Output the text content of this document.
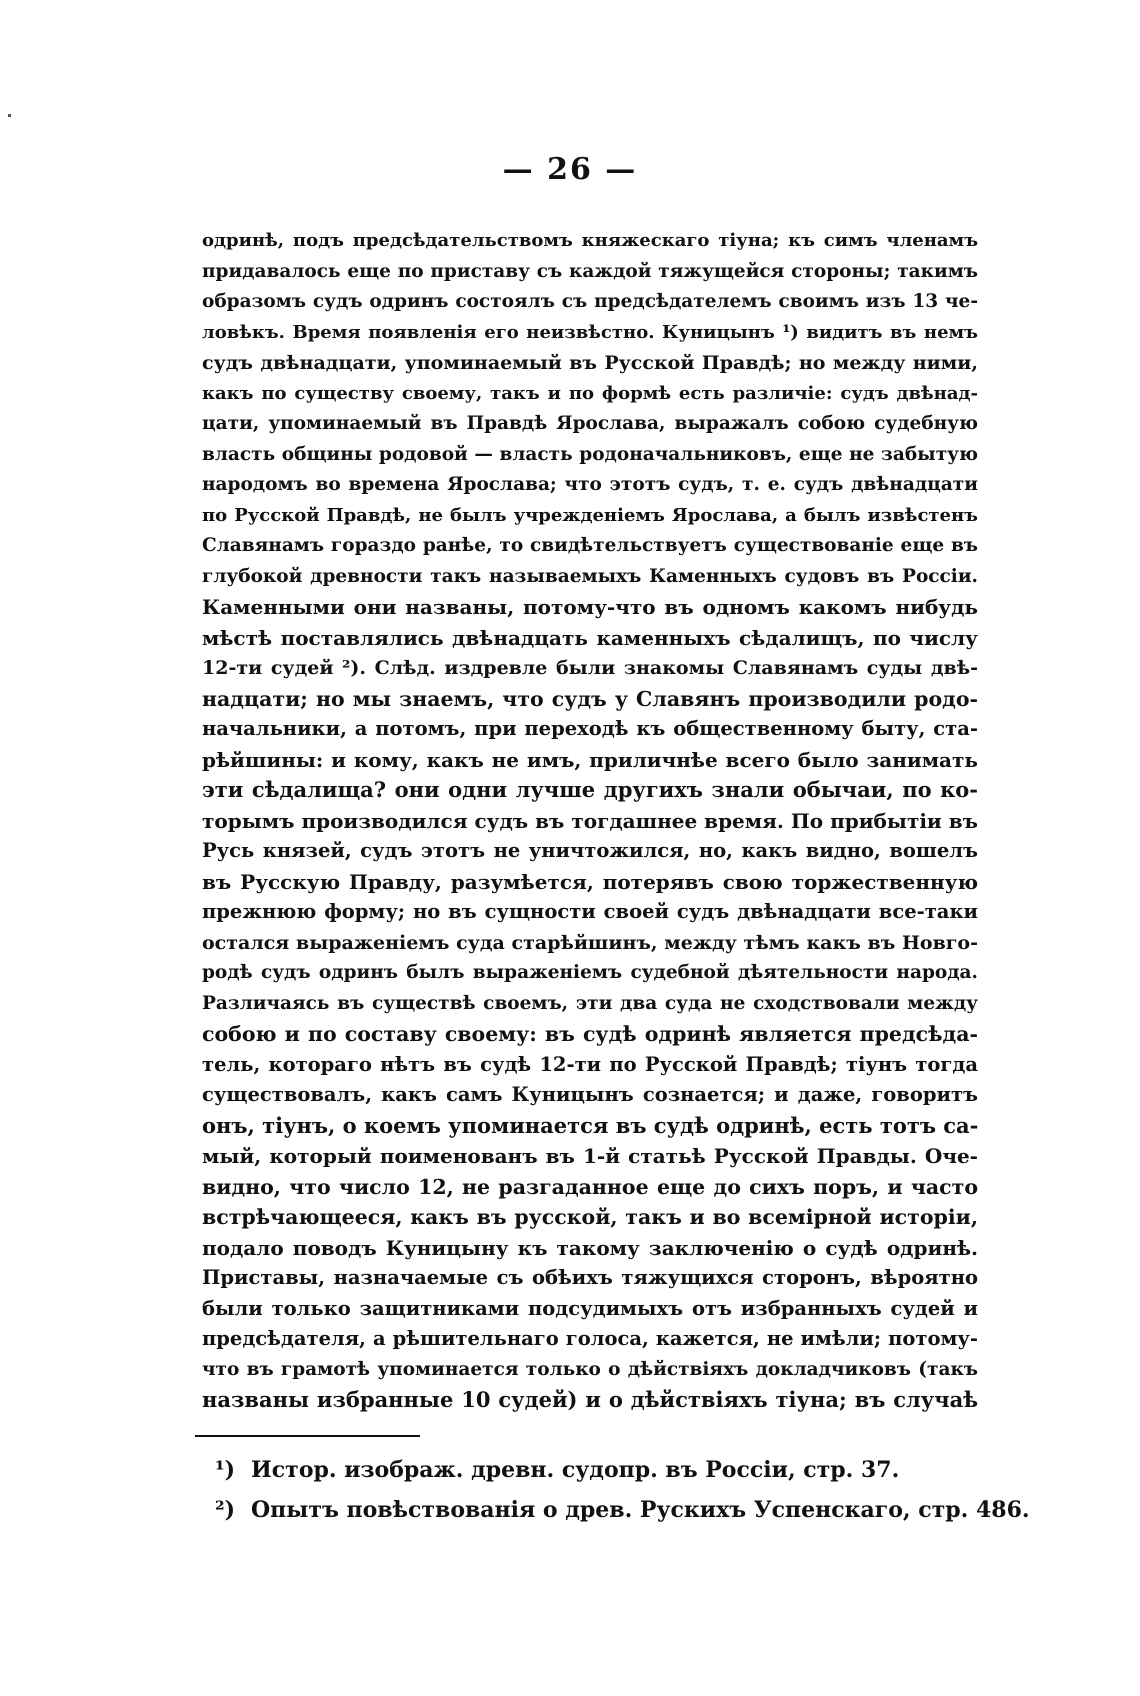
— 26 —
одринѣ, подъ предсѣдательствомъ княжескаго тіуна; къ симъ членамъ
придавалось еще по приставу съ каждой тяжущейся стороны; такимъ
образомъ судъ одринъ состоялъ съ предсѣдателемъ своимъ изъ 13 че-
ловѣкъ. Время появленія его неизвѣстно. Куницынъ ¹) видитъ въ немъ
судъ двѣнадцати, упоминаемый въ Русской Правдѣ; но между ними,
какъ по существу своему, такъ и по формѣ есть различіе: судъ двѣнад-
цати, упоминаемый въ Правдѣ Ярослава, выражалъ собою судебную
власть общины родовой — власть родоначальниковъ, еще не забытую
народомъ во времена Ярослава; что этотъ судъ, т. е. судъ двѣнадцати
по Русской Правдѣ, не былъ учрежденіемъ Ярослава, а былъ извѣстенъ
Славянамъ гораздо ранѣе, то свидѣтельствуетъ существованіе еще въ
глубокой древности такъ называемыхъ Каменныхъ судовъ въ Россіи.
Каменными они названы, потому-что въ одномъ какомъ нибудь
мѣстѣ поставлялись двѣнадцать каменныхъ сѣдалищъ, по числу
12-ти судей ²). Слѣд. издревле были знакомы Славянамъ суды двѣ-
надцати; но мы знаемъ, что судъ у Славянъ производили родо-
начальники, а потомъ, при переходѣ къ общественному быту, ста-
рѣйшины: и кому, какъ не имъ, приличнѣе всего было занимать
эти сѣдалища? они одни лучше другихъ знали обычаи, по ко-
торымъ производился судъ въ тогдашнее время. По прибытіи въ
Русь князей, судъ этотъ не уничтожился, но, какъ видно, вошелъ
въ Русскую Правду, разумѣется, потерявъ свою торжественную
прежнюю форму; но въ сущности своей судъ двѣнадцати все-таки
остался выраженіемъ суда старѣйшинъ, между тѣмъ какъ въ Новго-
родѣ судъ одринъ былъ выраженіемъ судебной дѣятельности народа.
Различаясь въ существѣ своемъ, эти два суда не сходствовали между
собою и по составу своему: въ судѣ одринѣ является предсѣда-
тель, котораго нѣтъ въ судѣ 12-ти по Русской Правдѣ; тіунъ тогда
существовалъ, какъ самъ Куницынъ сознается; и даже, говоритъ
онъ, тіунъ, о коемъ упоминается въ судѣ одринѣ, есть тотъ са-
мый, который поименованъ въ 1-й статьѣ Русской Правды. Оче-
видно, что число 12, не разгаданное еще до сихъ поръ, и часто
встрѣчающееся, какъ въ русской, такъ и во всемірной исторіи,
подало поводъ Куницыну къ такому заключенію о судѣ одринѣ.
Приставы, назначаемые съ обѣихъ тяжущихся сторонъ, вѣроятно
были только защитниками подсудимыхъ отъ избранныхъ судей и
предсѣдателя, а рѣшительнаго голоса, кажется, не имѣли; потому-
что въ грамотѣ упоминается только о дѣйствіяхъ докладчиковъ (такъ
названы избранные 10 судей) и о дѣйствіяхъ тіуна; въ случаѣ
¹) Истор. изображ. древн. судопр. въ Россіи, стр. 37.
²) Опытъ повѣствованія о древ. Рускихъ Успенскаго, стр. 486.
